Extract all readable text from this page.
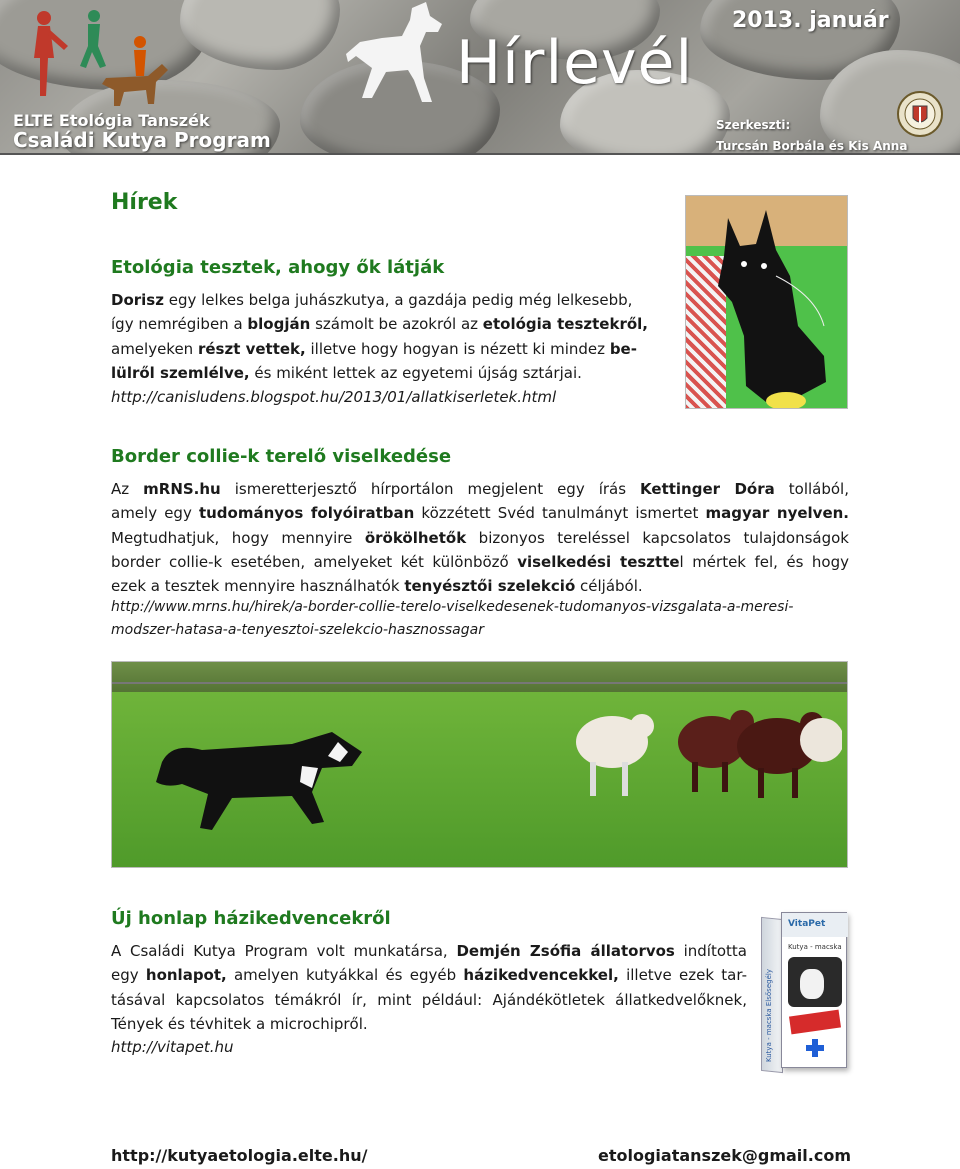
ELTE Etológia Tanszék
Családi Kutya Program
Hírlevél
2013. január
Szerkeszti:
Turcsán Borbála és Kis Anna
Hírek
Etológia tesztek, ahogy ők látják
Dorisz egy lelkes belga juhászkutya, a gazdája pedig még lelkesebb,
így nemrégiben a blogján számolt be azokról az etológia tesztekről,
amelyeken részt vettek, illetve hogy hogyan is nézett ki mindez be-
lülről szemlélve, és miként lettek az egyetemi újság sztárjai.
http://canisludens.blogspot.hu/2013/01/allatkiserletek.html
Border collie-k terelő viselkedése
Az mRNS.hu ismeretterjesztő hírportálon megjelent egy írás Kettinger Dóra tollából,
amely egy tudományos folyóiratban közzétett Svéd tanulmányt ismertet magyar nyelven.
Megtudhatjuk, hogy mennyire örökölhetők bizonyos tereléssel kapcsolatos tulajdonságok
border collie-k esetében, amelyeket két különböző viselkedési teszttel mértek fel, és hogy
ezek a tesztek mennyire használhatók tenyésztői szelekció céljából.
http://www.mrns.hu/hirek/a-border-collie-terelo-viselkedesenek-tudomanyos-vizsgalata-a-meresi-
modszer-hatasa-a-tenyesztoi-szelekcio-hasznossagar
Új honlap házikedvencekről
A Családi Kutya Program volt munkatársa, Demjén Zsófia állatorvos indította
egy honlapot, amelyen kutyákkal és egyéb házikedvencekkel, illetve ezek tar-
tásával kapcsolatos témákról ír, mint például: Ajándékötletek állatkedvelőknek,
Tények és tévhitek a microchipről.
http://vitapet.hu
VitaPet
Kutya - macska
Kutya - macska Elsősegély
http://kutyaetologia.elte.hu/	etologiatanszek@gmail.com
